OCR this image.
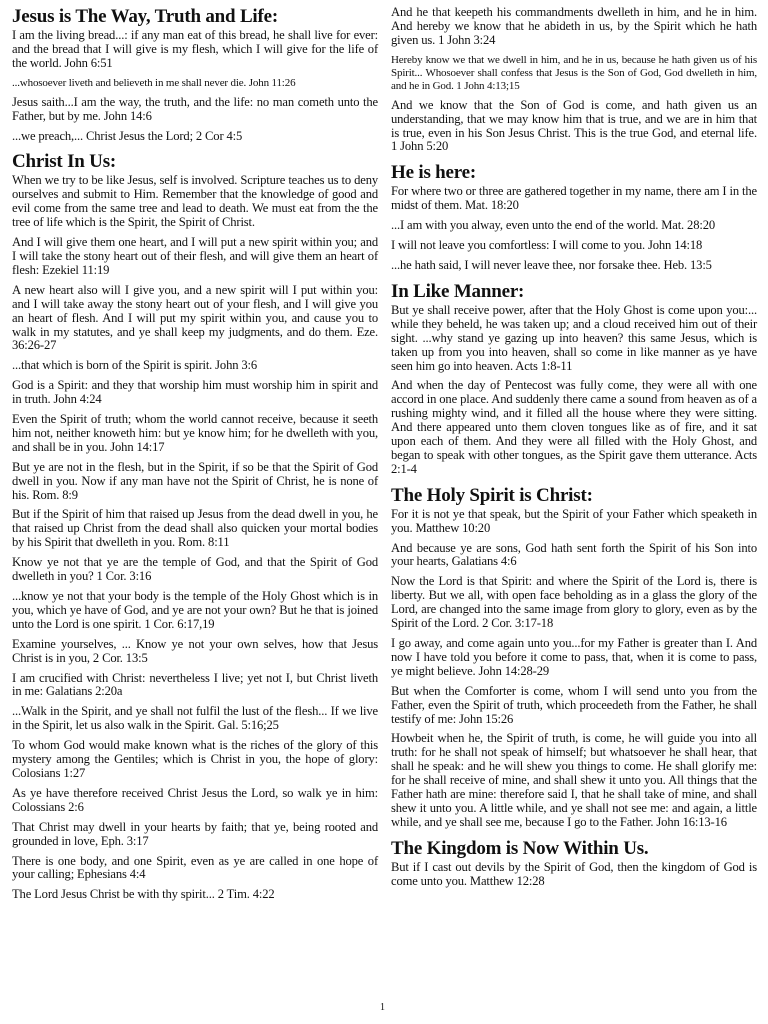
Jesus is The Way, Truth and Life:

I am the living bread...: if any man eat of this bread, he shall live for ever: and the bread that I will give is my flesh, which I will give for the life of the world. John 6:51

...whosoever liveth and believeth in me shall never die. John 11:26

Jesus saith...I am the way, the truth, and the life: no man cometh unto the Father, but by me. John 14:6

...we preach,... Christ Jesus the Lord; 2 Cor 4:5

Christ In Us:

When we try to be like Jesus, self is involved. Scripture teaches us to deny ourselves and submit to Him. Remember that the knowledge of good and evil come from the same tree and lead to death. We must eat from the the tree of life which is the Spirit, the Spirit of Christ.

And I will give them one heart, and I will put a new spirit within you; and I will take the stony heart out of their flesh, and will give them an heart of flesh: Ezekiel 11:19

A new heart also will I give you, and a new spirit will I put within you: and I will take away the stony heart out of your flesh, and I will give you an heart of flesh. And I will put my spirit within you, and cause you to walk in my statutes, and ye shall keep my judgments, and do them. Eze. 36:26-27

...that which is born of the Spirit is spirit. John 3:6

God is a Spirit: and they that worship him must worship him in spirit and in truth. John 4:24

Even the Spirit of truth; whom the world cannot receive, because it seeth him not, neither knoweth him: but ye know him; for he dwelleth with you, and shall be in you. John 14:17

But ye are not in the flesh, but in the Spirit, if so be that the Spirit of God dwell in you. Now if any man have not the Spirit of Christ, he is none of his. Rom. 8:9

But if the Spirit of him that raised up Jesus from the dead dwell in you, he that raised up Christ from the dead shall also quicken your mortal bodies by his Spirit that dwelleth in you. Rom. 8:11

Know ye not that ye are the temple of God, and that the Spirit of God dwelleth in you? 1 Cor. 3:16

...know ye not that your body is the temple of the Holy Ghost which is in you, which ye have of God, and ye are not your own? But he that is joined unto the Lord is one spirit. 1 Cor. 6:17,19

Examine yourselves, ... Know ye not your own selves, how that Jesus Christ is in you, 2 Cor. 13:5

I am crucified with Christ: nevertheless I live; yet not I, but Christ liveth in me: Galatians 2:20a

...Walk in the Spirit, and ye shall not fulfil the lust of the flesh... If we live in the Spirit, let us also walk in the Spirit. Gal. 5:16;25

To whom God would make known what is the riches of the glory of this mystery among the Gentiles; which is Christ in you, the hope of glory: Colosians 1:27

As ye have therefore received Christ Jesus the Lord, so walk ye in him: Colossians 2:6

That Christ may dwell in your hearts by faith; that ye, being rooted and grounded in love, Eph. 3:17

There is one body, and one Spirit, even as ye are called in one hope of your calling; Ephesians 4:4

The Lord Jesus Christ be with thy spirit... 2 Tim. 4:22

And he that keepeth his commandments dwelleth in him, and he in him. And hereby we know that he abideth in us, by the Spirit which he hath given us. 1 John 3:24

Hereby know we that we dwell in him, and he in us, because he hath given us of his Spirit... Whosoever shall confess that Jesus is the Son of God, God dwelleth in him, and he in God. 1 John 4:13;15

And we know that the Son of God is come, and hath given us an understanding, that we may know him that is true, and we are in him that is true, even in his Son Jesus Christ. This is the true God, and eternal life. 1 John 5:20

He is here:

For where two or three are gathered together in my name, there am I in the midst of them. Mat. 18:20

...I am with you alway, even unto the end of the world. Mat. 28:20

I will not leave you comfortless: I will come to you. John 14:18

...he hath said, I will never leave thee, nor forsake thee. Heb. 13:5

In Like Manner:

But ye shall receive power, after that the Holy Ghost is come upon you:... while they beheld, he was taken up; and a cloud received him out of their sight. ...why stand ye gazing up into heaven? this same Jesus, which is taken up from you into heaven, shall so come in like manner as ye have seen him go into heaven. Acts 1:8-11

And when the day of Pentecost was fully come, they were all with one accord in one place. And suddenly there came a sound from heaven as of a rushing mighty wind, and it filled all the house where they were sitting. And there appeared unto them cloven tongues like as of fire, and it sat upon each of them. And they were all filled with the Holy Ghost, and began to speak with other tongues, as the Spirit gave them utterance. Acts 2:1-4

The Holy Spirit is Christ:

For it is not ye that speak, but the Spirit of your Father which speaketh in you. Matthew 10:20

And because ye are sons, God hath sent forth the Spirit of his Son into your hearts, Galatians 4:6

Now the Lord is that Spirit: and where the Spirit of the Lord is, there is liberty. But we all, with open face beholding as in a glass the glory of the Lord, are changed into the same image from glory to glory, even as by the Spirit of the Lord. 2 Cor. 3:17-18

I go away, and come again unto you...for my Father is greater than I. And now I have told you before it come to pass, that, when it is come to pass, ye might believe. John 14:28-29

But when the Comforter is come, whom I will send unto you from the Father, even the Spirit of truth, which proceedeth from the Father, he shall testify of me: John 15:26

Howbeit when he, the Spirit of truth, is come, he will guide you into all truth: for he shall not speak of himself; but whatsoever he shall hear, that shall he speak: and he will shew you things to come. He shall glorify me: for he shall receive of mine, and shall shew it unto you. All things that the Father hath are mine: therefore said I, that he shall take of mine, and shall shew it unto you. A little while, and ye shall not see me: and again, a little while, and ye shall see me, because I go to the Father. John 16:13-16

The Kingdom is Now Within Us.

But if I cast out devils by the Spirit of God, then the kingdom of God is come unto you. Matthew 12:28

1
